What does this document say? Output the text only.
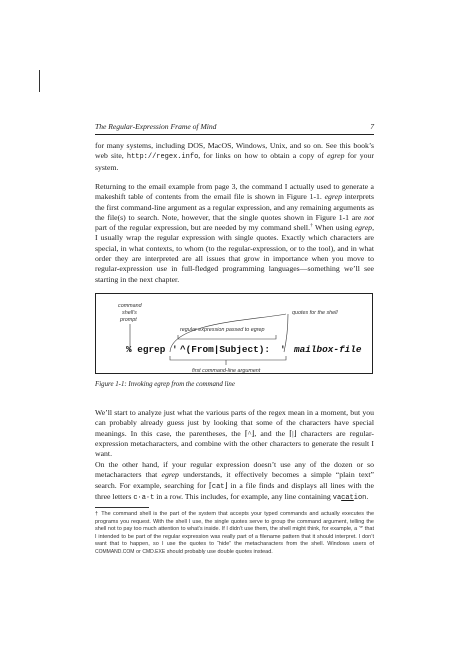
The Regular-Expression Frame of Mind	7

for many systems, including DOS, MacOS, Windows, Unix, and so on. See this book’s web site, http://regex.info, for links on how to obtain a copy of egrep for your system.

Returning to the email example from page 3, the command I actually used to generate a makeshift table of contents from the email file is shown in Figure 1-1. egrep interprets the first command-line argument as a regular expression, and any remaining arguments as the file(s) to search. Note, however, that the single quotes shown in Figure 1-1 are not part of the regular expression, but are needed by my command shell.† When using egrep, I usually wrap the regular expression with single quotes. Exactly which characters are special, in what contexts, to whom (to the regular-expression, or to the tool), and in what order they are interpreted are all issues that grow in importance when you move to regular-expression use in full-fledged programming languages—something we’ll see starting in the next chapter.

command
shell's
prompt
quotes for the shell
regular expression passed to egrep
% egrep ' ^(From|Subject): ' mailbox-file
first command-line argument

Figure 1-1: Invoking egrep from the command line

We’ll start to analyze just what the various parts of the regex mean in a moment, but you can probably already guess just by looking that some of the characters have special meanings. In this case, the parentheses, the ⌈^⌋, and the ⌈|⌋ characters are regular-expression metacharacters, and combine with the other characters to generate the result I want.

On the other hand, if your regular expression doesn’t use any of the dozen or so metacharacters that egrep understands, it effectively becomes a simple “plain text” search. For example, searching for ⌈cat⌋ in a file finds and displays all lines with the three letters c·a·t in a row. This includes, for example, any line containing vacation.

† The command shell is the part of the system that accepts your typed commands and actually executes the programs you request. With the shell I use, the single quotes serve to group the command argument, telling the shell not to pay too much attention to what’s inside. If I didn’t use them, the shell might think, for example, a ‘*’ that I intended to be part of the regular expression was really part of a filename pattern that it should interpret. I don’t want that to happen, so I use the quotes to “hide” the metacharacters from the shell. Windows users of COMMAND.COM or CMD.EXE should probably use double quotes instead.
